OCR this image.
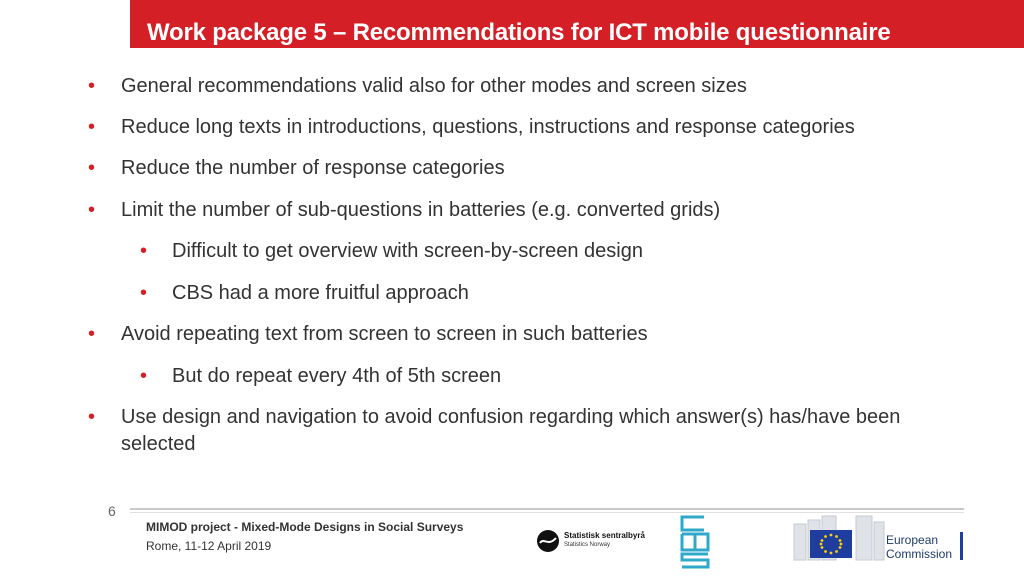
Work package 5 – Recommendations for ICT mobile questionnaire
• General recommendations valid also for other modes and screen sizes
• Reduce long texts in introductions, questions, instructions and response categories
• Reduce the number of response categories
• Limit the number of sub-questions in batteries (e.g. converted grids)
• Difficult to get overview with screen-by-screen design
• CBS had a more fruitful approach
• Avoid repeating text from screen to screen in such batteries
• But do repeat every 4th of 5th screen
• Use design and navigation to avoid confusion regarding which answer(s) has/have been selected
6
MIMOD project - Mixed-Mode Designs in Social Surveys
Rome, 11-12 April 2019
Statistisk sentralbyrå
Statistics Norway	European
Commission
